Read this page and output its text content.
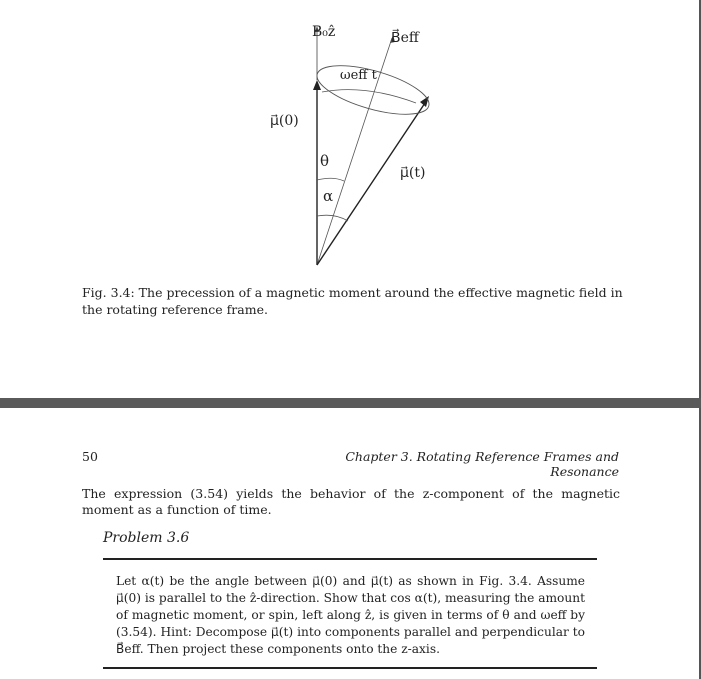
B₀ẑ	B⃗eff
ωeff t
μ⃗(0)
θ
μ⃗(t)
α
Fig. 3.4: The precession of a magnetic moment around the effective magnetic field in the rotating reference frame.
50	Chapter 3. Rotating Reference Frames and Resonance
The expression (3.54) yields the behavior of the z-component of the magnetic moment as a function of time.
Problem 3.6
Let α(t) be the angle between μ⃗(0) and μ⃗(t) as shown in Fig. 3.4. Assume μ⃗(0) is parallel to the ẑ-direction. Show that cos α(t), measuring the amount of magnetic moment, or spin, left along ẑ, is given in terms of θ and ωeff by (3.54). Hint: Decompose μ⃗(t) into components parallel and perpendicular to B⃗eff. Then project these components onto the z-axis.
